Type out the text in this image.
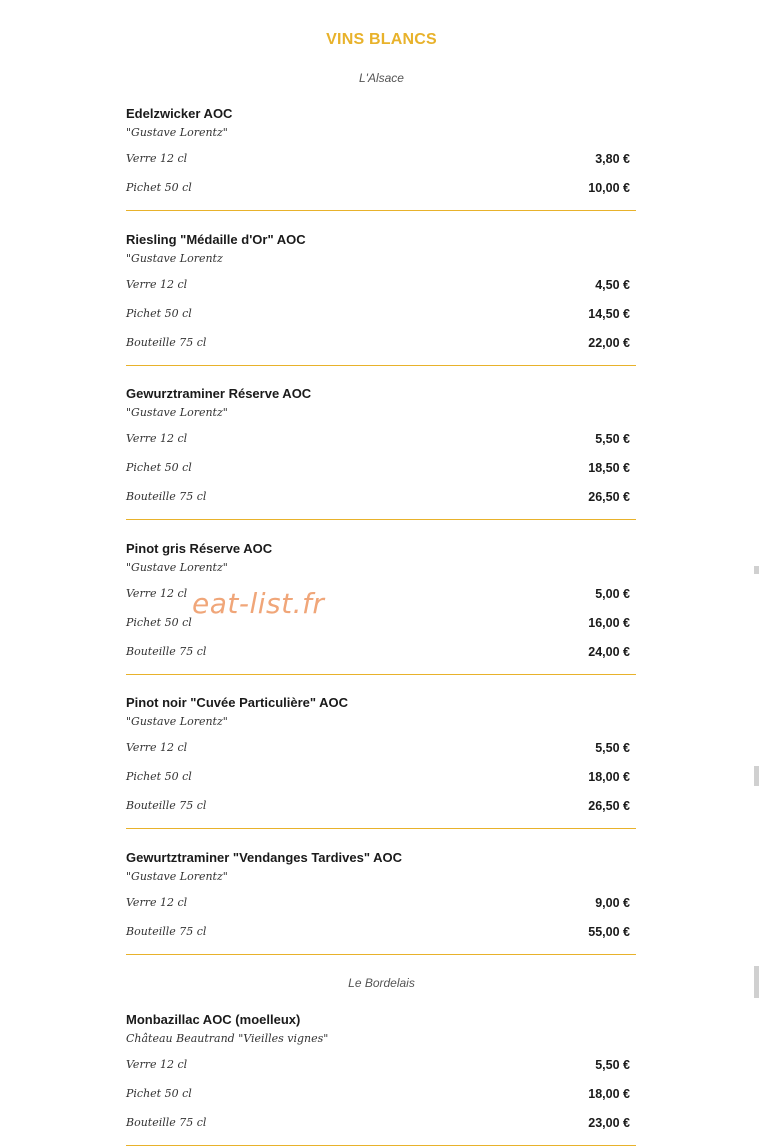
VINS BLANCS
L'Alsace
Edelzwicker AOC
"Gustave Lorentz"
Verre 12 cl	3,80 €
Pichet 50 cl	10,00 €
Riesling "Médaille d'Or" AOC
"Gustave Lorentz
Verre 12 cl	4,50 €
Pichet 50 cl	14,50 €
Bouteille 75 cl	22,00 €
Gewurztraminer Réserve AOC
"Gustave Lorentz"
Verre 12 cl	5,50 €
Pichet 50 cl	18,50 €
Bouteille 75 cl	26,50 €
Pinot gris Réserve AOC
"Gustave Lorentz"
Verre 12 cl	5,00 €
Pichet 50 cl	16,00 €
Bouteille 75 cl	24,00 €
Pinot noir "Cuvée Particulière" AOC
"Gustave Lorentz"
Verre 12 cl	5,50 €
Pichet 50 cl	18,00 €
Bouteille 75 cl	26,50 €
Gewurtztraminer "Vendanges Tardives" AOC
"Gustave Lorentz"
Verre 12 cl	9,00 €
Bouteille 75 cl	55,00 €
Le Bordelais
Monbazillac AOC (moelleux)
Château Beautrand "Vieilles vignes"
Verre 12 cl	5,50 €
Pichet 50 cl	18,00 €
Bouteille 75 cl	23,00 €
eat-list.fr
